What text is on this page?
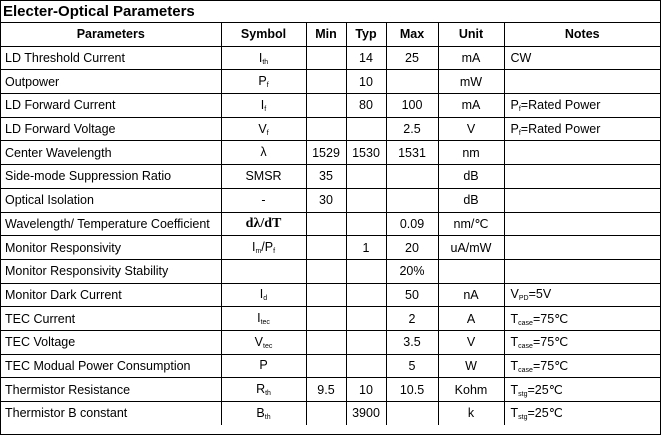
Electer-Optical Parameters
Parameters	Symbol	Min	Typ	Max	Unit	Notes
LD Threshold Current	$I_{th}$		14	25	mA	CW
Outpower	$P_f$		10		mW	
LD Forward Current	$I_f$		80	100	mA	$P_f=Rated$ Power
LD Forward Voltage	$V_f$			2.5	V	$P_f=Rated$ Power
Center Wavelength	λ	1529	1530	1531	nm	
Side-mode Suppression Ratio	SMSR	35			dB	
Optical Isolation	-	30			dB	
Wavelength/ Temperature Coefficient	dλ/dT			0.09	nm/℃	
Monitor Responsivity	$I_m/P_f$		1	20	uA/mW	
Monitor Responsivity Stability				20%		
Monitor Dark Current	$I_d$			50	nA	$V_{PD}=5V$
TEC Current	$I_{tec}$			2	A	$T_{case}=75℃$
TEC Voltage	$V_{tec}$			3.5	V	$T_{case}=75℃$
TEC Modual Power Consumption	P			5	W	$T_{case}=75℃$
Thermistor Resistance	$R_{th}$	9.5	10	10.5	Kohm	$T_{stg}=25℃$
Thermistor B constant	$B_{th}$		3900		k	$T_{stg}=25℃$
